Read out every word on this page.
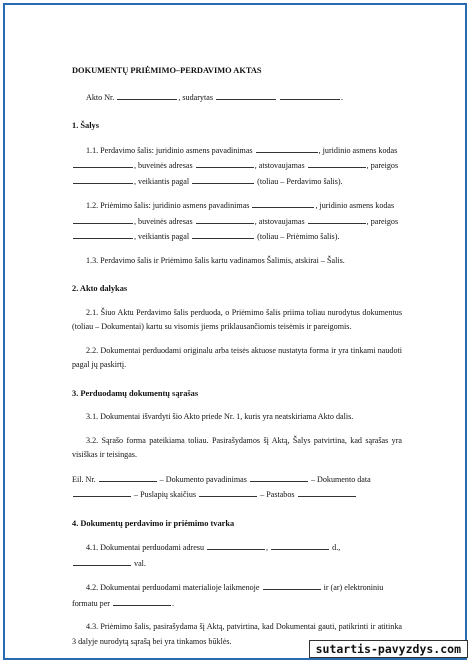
DOKUMENTŲ PRIĖMIMO–PERDAVIMO AKTAS
Akto Nr.	, sudarytas	.
1. Šalys
1.1. Perdavimo šalis: juridinio asmens pavadinimas	, juridinio asmens kodas
, buveinės adresas	, atstovaujamas	, pareigos
, veikiantis pagal	(toliau – Perdavimo šalis).
1.2. Priėmimo šalis: juridinio asmens pavadinimas	, juridinio asmens kodas
, buveinės adresas	, atstovaujamas	, pareigos
, veikiantis pagal	(toliau – Priėmimo šalis).
1.3. Perdavimo šalis ir Priėmimo šalis kartu vadinamos Šalimis, atskirai – Šalis.
2. Akto dalykas
2.1. Šiuo Aktu Perdavimo šalis perduoda, o Priėmimo šalis priima toliau nurodytus dokumentus (toliau – Dokumentai) kartu su visomis jiems priklausančiomis teisėmis ir pareigomis.
2.2. Dokumentai perduodami originalu arba teisės aktuose nustatyta forma ir yra tinkami naudoti pagal jų paskirtį.
3. Perduodamų dokumentų sąrašas
3.1. Dokumentai išvardyti šio Akto priede Nr. 1, kuris yra neatskiriama Akto dalis.
3.2. Sąrašo forma pateikiama toliau. Pasirašydamos šį Aktą, Šalys patvirtina, kad sąrašas yra visiškas ir teisingas.
Eil. Nr.	– Dokumento pavadinimas	– Dokumento data
– Puslapių skaičius	– Pastabos
4. Dokumentų perdavimo ir priėmimo tvarka
4.1. Dokumentai perduodami adresu	,	d.,
val.
4.2. Dokumentai perduodami materialioje laikmenoje	ir (ar) elektroniniu
formatu per	.
4.3. Priėmimo šalis, pasirašydama šį Aktą, patvirtina, kad Dokumentai gauti, patikrinti ir atitinka 3 dalyje nurodytą sąrašą bei yra tinkamos būklės.
sutartis-pavyzdys.com
